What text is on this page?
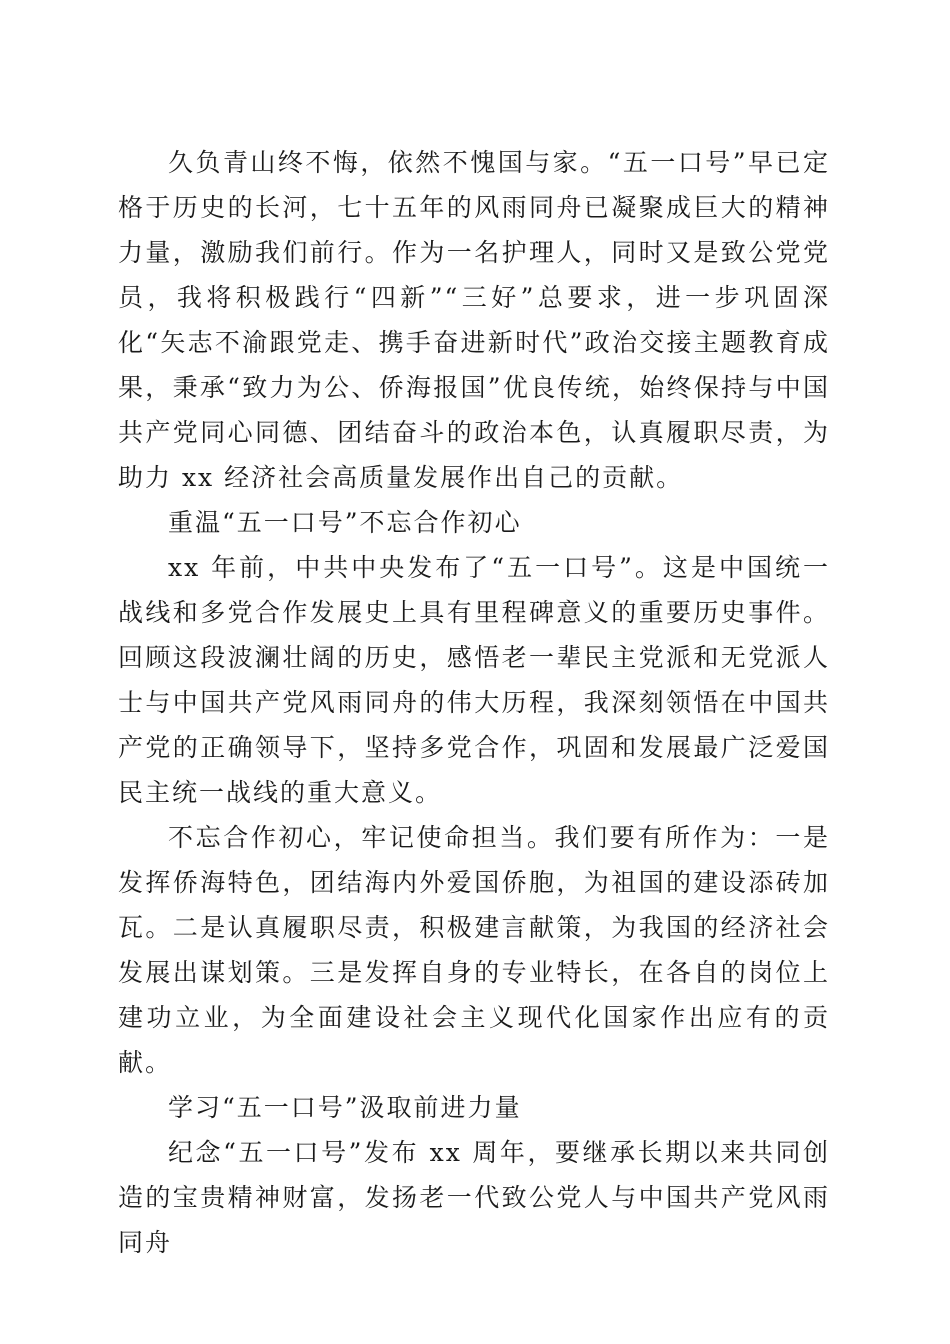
久负青山终不悔，依然不愧国与家。“五一口号”早已定格于历史的长河，七十五年的风雨同舟已凝聚成巨大的精神力量，激励我们前行。作为一名护理人，同时又是致公党党员，我将积极践行“四新”“三好”总要求，进一步巩固深化“矢志不渝跟党走、携手奋进新时代”政治交接主题教育成果，秉承“致力为公、侨海报国”优良传统，始终保持与中国共产党同心同德、团结奋斗的政治本色，认真履职尽责，为助力 xx 经济社会高质量发展作出自己的贡献。

重温“五一口号”不忘合作初心

xx 年前，中共中央发布了“五一口号”。这是中国统一战线和多党合作发展史上具有里程碑意义的重要历史事件。回顾这段波澜壮阔的历史，感悟老一辈民主党派和无党派人士与中国共产党风雨同舟的伟大历程，我深刻领悟在中国共产党的正确领导下，坚持多党合作，巩固和发展最广泛爱国民主统一战线的重大意义。

不忘合作初心，牢记使命担当。我们要有所作为：一是发挥侨海特色，团结海内外爱国侨胞，为祖国的建设添砖加瓦。二是认真履职尽责，积极建言献策，为我国的经济社会发展出谋划策。三是发挥自身的专业特长，在各自的岗位上建功立业，为全面建设社会主义现代化国家作出应有的贡献。

学习“五一口号”汲取前进力量

纪念“五一口号”发布 xx 周年，要继承长期以来共同创造的宝贵精神财富，发扬老一代致公党人与中国共产党风雨同舟
